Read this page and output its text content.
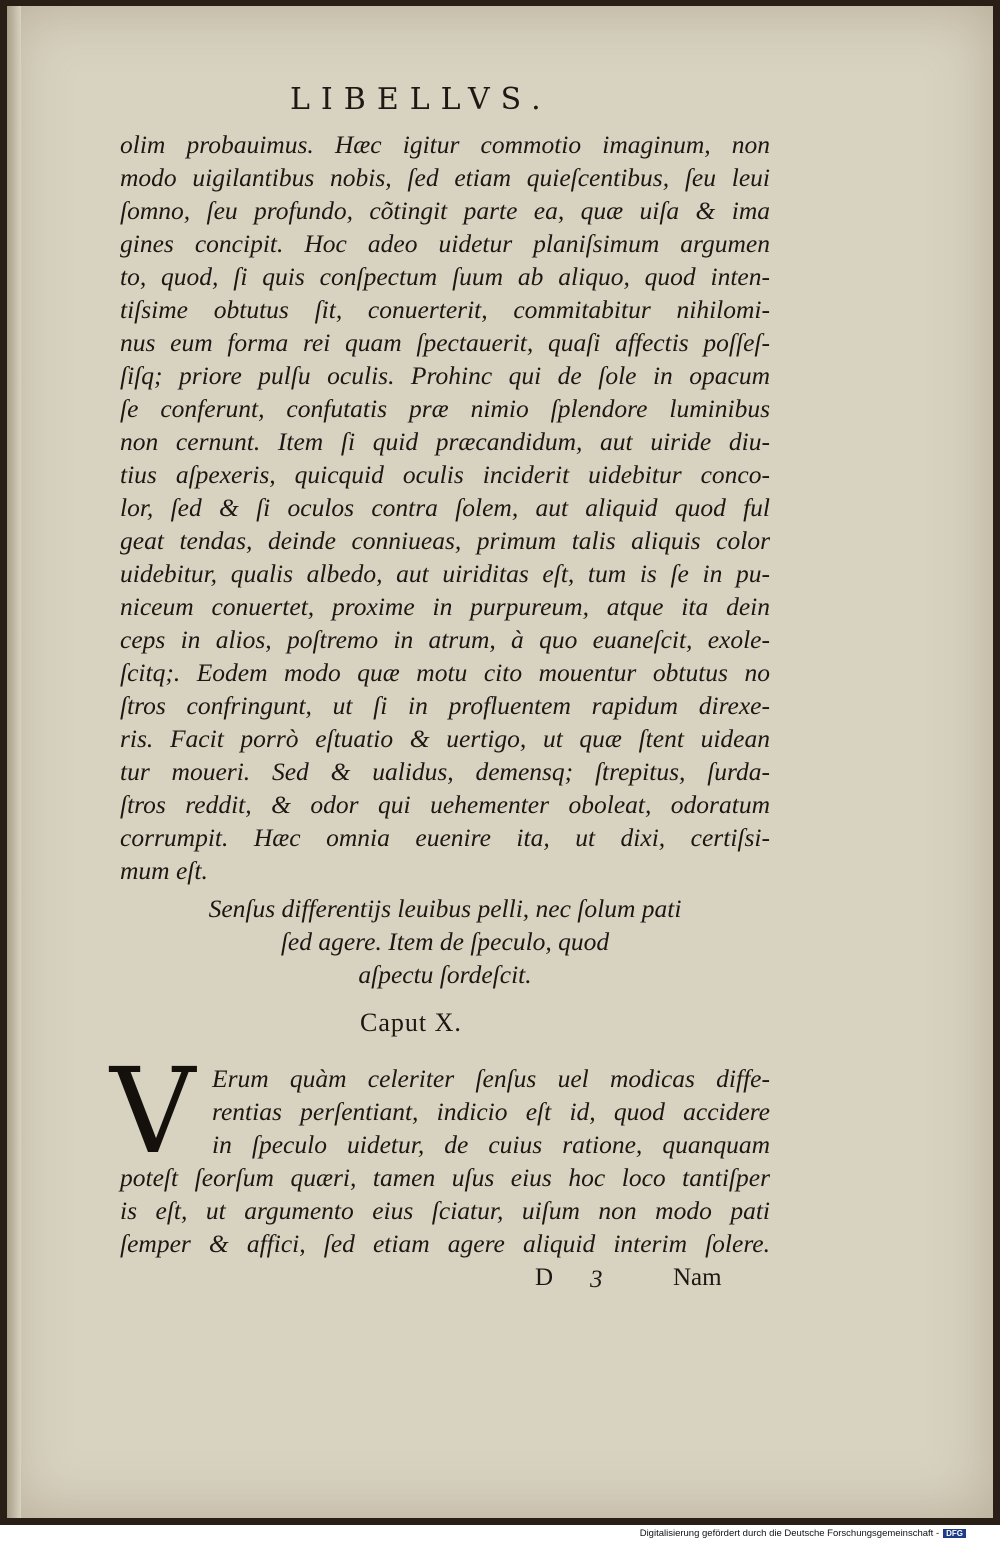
LIBELLVS.
olim probauimus. Hæc igitur commotio imaginum, non
modo uigilantibus nobis, ſed etiam quieſcentibus, ſeu leui
ſomno, ſeu profundo, cõtingit parte ea, quæ uiſa & ima
gines concipit. Hoc adeo uidetur planiſsimum argumen
to, quod, ſi quis conſpectum ſuum ab aliquo, quod inten-
tiſsime obtutus ſit, conuerterit, commitabitur nihilomi-
nus eum forma rei quam ſpectauerit, quaſi affectis poſſeſ-
ſiſq; priore pulſu oculis. Prohinc qui de ſole in opacum
ſe conferunt, confutatis præ nimio ſplendore luminibus
non cernunt. Item ſi quid præcandidum, aut uiride diu-
tius aſpexeris, quicquid oculis inciderit uidebitur conco-
lor, ſed & ſi oculos contra ſolem, aut aliquid quod ful
geat tendas, deinde conniueas, primum talis aliquis color
uidebitur, qualis albedo, aut uiriditas eſt, tum is ſe in pu-
niceum conuertet, proxime in purpureum, atque ita dein
ceps in alios, poſtremo in atrum, à quo euaneſcit, exole-
ſcitq;. Eodem modo quæ motu cito mouentur obtutus no
ſtros confringunt, ut ſi in profluentem rapidum direxe-
ris. Facit porrò eſtuatio & uertigo, ut quæ ſtent uidean
tur moueri. Sed & ualidus, demensq; ſtrepitus, ſurda-
ſtros reddit, & odor qui uehementer oboleat, odoratum
corrumpit. Hæc omnia euenire ita, ut dixi, certiſsi-
mum eſt.
Senſus differentijs leuibus pelli, nec ſolum pati
ſed agere. Item de ſpeculo, quod
aſpectu ſordeſcit.
Caput X.
V Erum quàm celeriter ſenſus uel modicas diffe-
rentias perſentiant, indicio eſt id, quod accidere
in ſpeculo uidetur, de cuius ratione, quanquam
poteſt ſeorſum quæri, tamen uſus eius hoc loco tantiſper
is eſt, ut argumento eius ſciatur, uiſum non modo pati
ſemper & affici, ſed etiam agere aliquid interim ſolere.
D 3	Nam
Digitalisierung gefördert durch die Deutsche Forschungsgemeinschaft - DFG
